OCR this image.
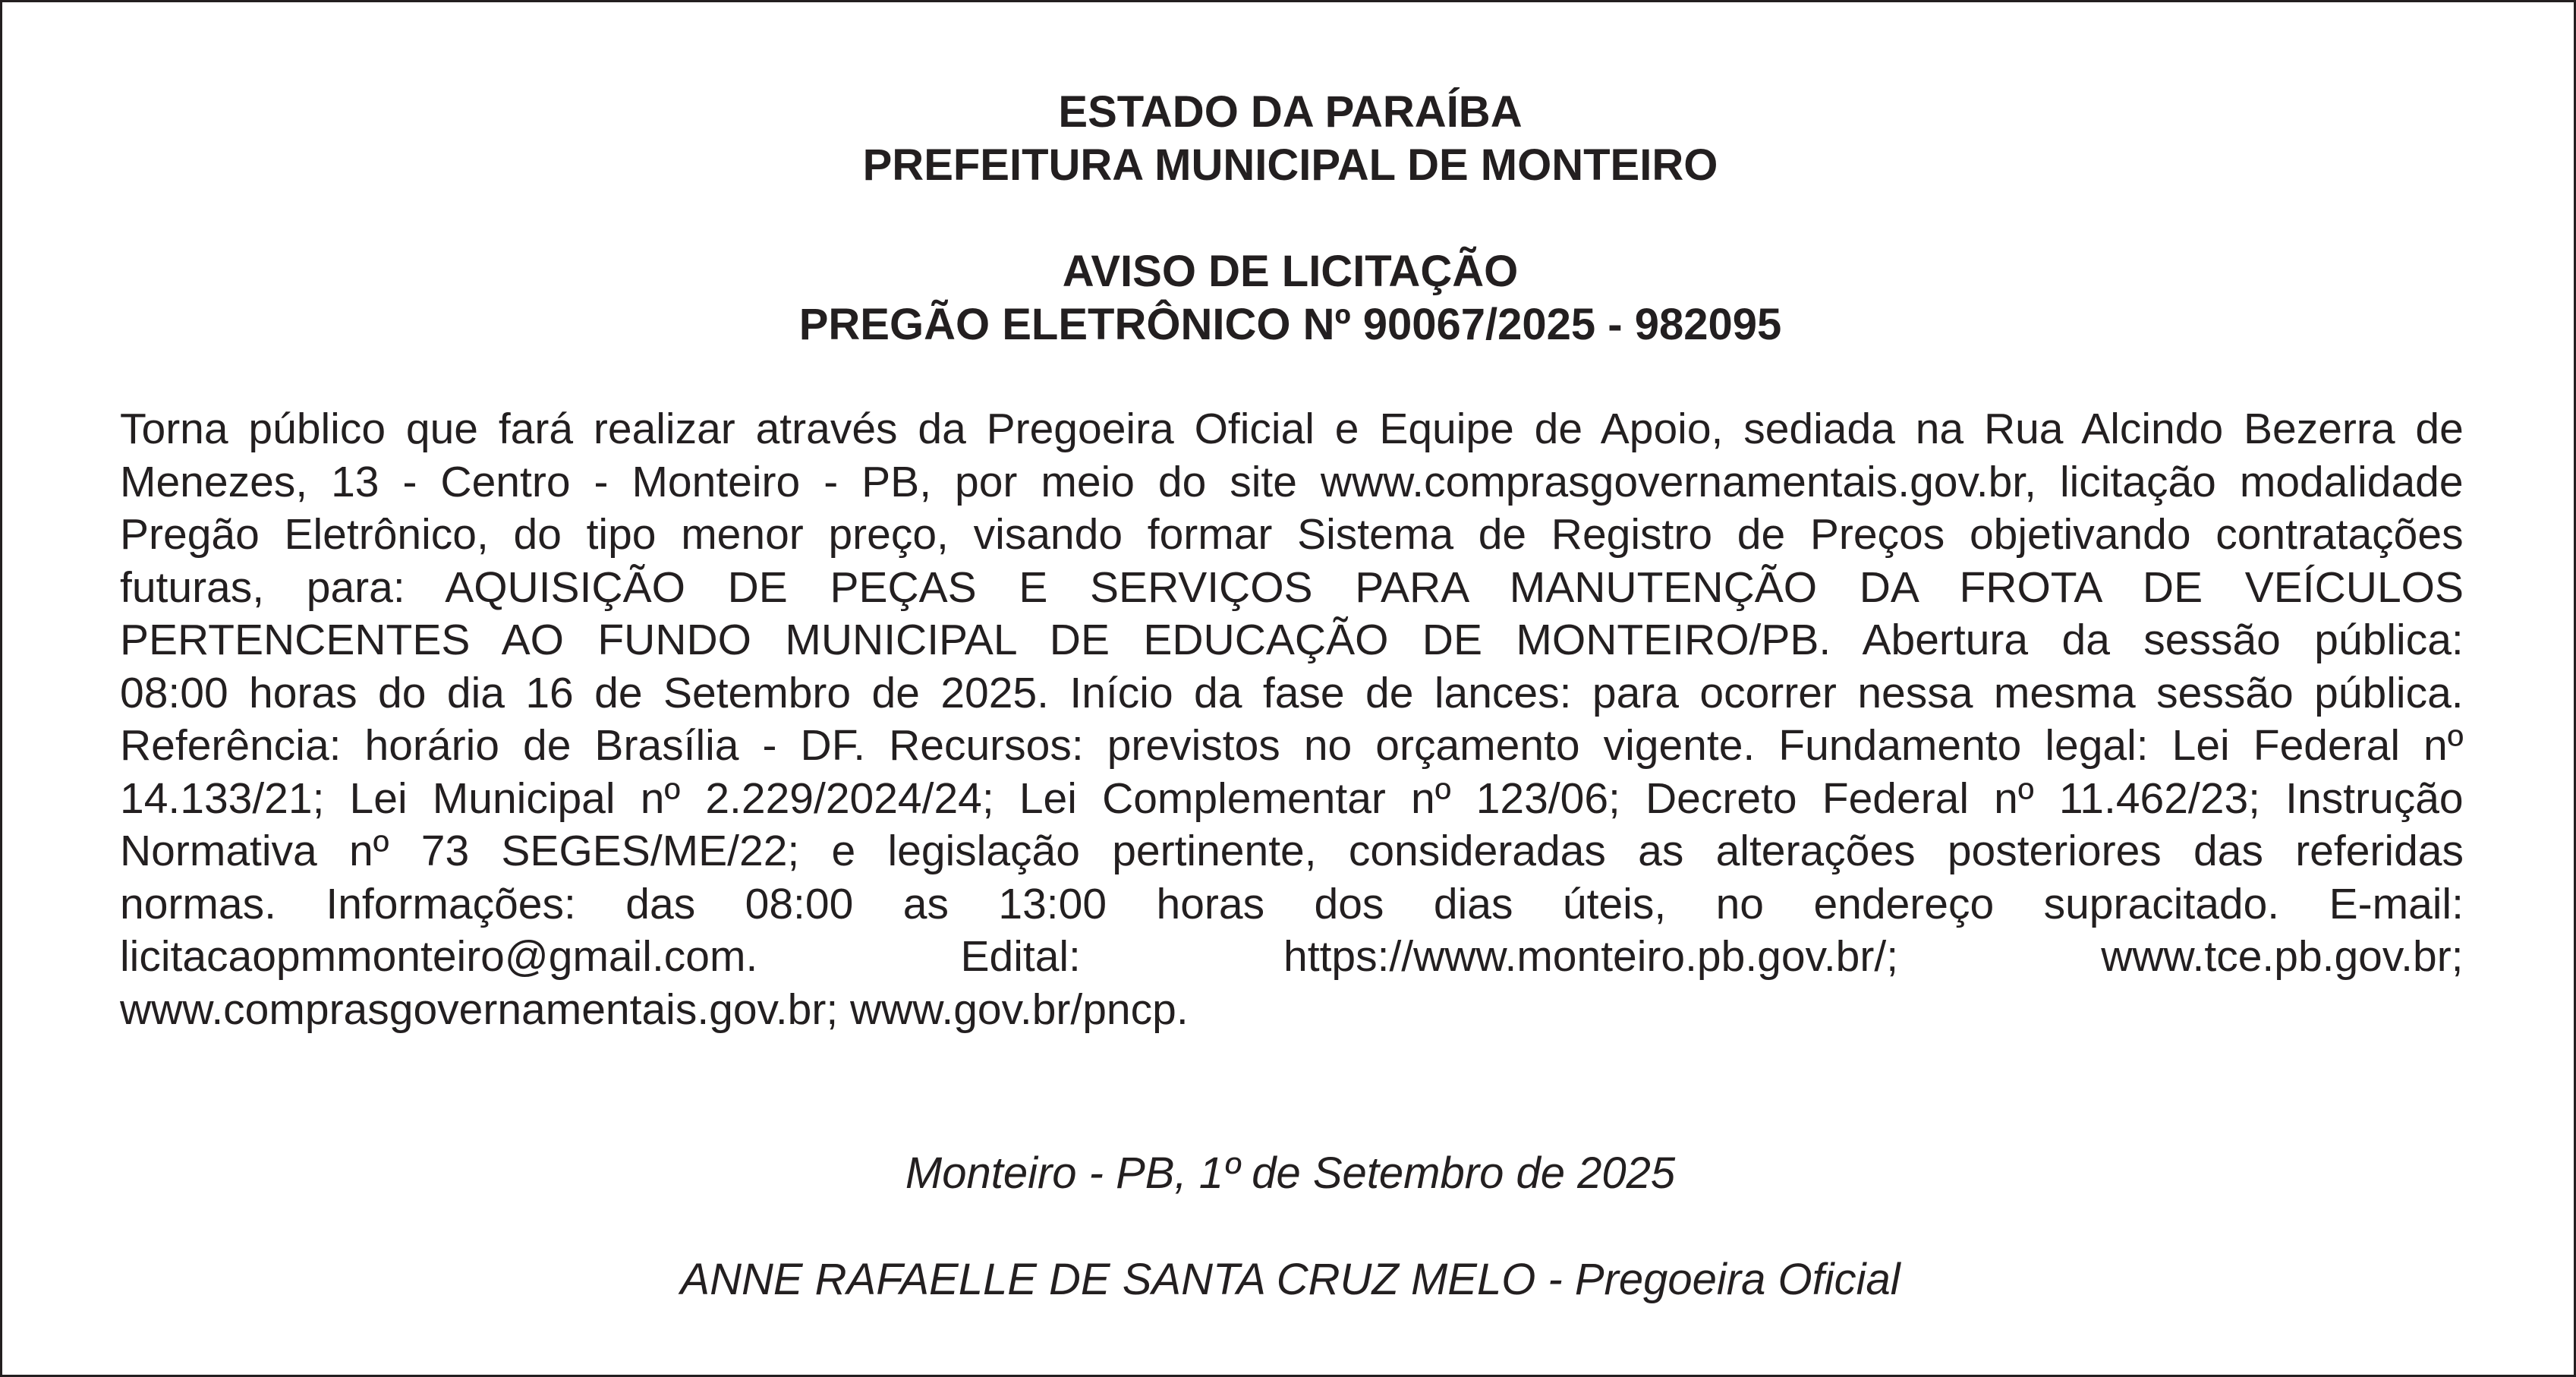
ESTADO DA PARAÍBA
PREFEITURA MUNICIPAL DE MONTEIRO
AVISO DE LICITAÇÃO
PREGÃO ELETRÔNICO Nº 90067/2025 - 982095
Torna público que fará realizar através da Pregoeira Oficial e Equipe de Apoio, sediada na Rua Alcindo Bezerra de
Menezes, 13 - Centro - Monteiro - PB, por meio do site www.comprasgovernamentais.gov.br, licitação modalidade
Pregão Eletrônico, do tipo menor preço, visando formar Sistema de Registro de Preços objetivando contratações
futuras, para: AQUISIÇÃO DE PEÇAS E SERVIÇOS PARA MANUTENÇÃO DA FROTA DE VEÍCULOS
PERTENCENTES AO FUNDO MUNICIPAL DE EDUCAÇÃO DE MONTEIRO/PB. Abertura da sessão pública:
08:00 horas do dia 16 de Setembro de 2025. Início da fase de lances: para ocorrer nessa mesma sessão pública.
Referência: horário de Brasília - DF. Recursos: previstos no orçamento vigente. Fundamento legal: Lei Federal nº
14.133/21; Lei Municipal nº 2.229/2024/24; Lei Complementar nº 123/06; Decreto Federal nº 11.462/23; Instrução
Normativa nº 73 SEGES/ME/22; e legislação pertinente, consideradas as alterações posteriores das referidas
normas. Informações: das 08:00 as 13:00 horas dos dias úteis, no endereço supracitado. E-mail:
licitacaopmmonteiro@gmail.com. Edital: https://www.monteiro.pb.gov.br/; www.tce.pb.gov.br;
www.comprasgovernamentais.gov.br; www.gov.br/pncp.
Monteiro - PB, 1º de Setembro de 2025
ANNE RAFAELLE DE SANTA CRUZ MELO - Pregoeira Oficial
